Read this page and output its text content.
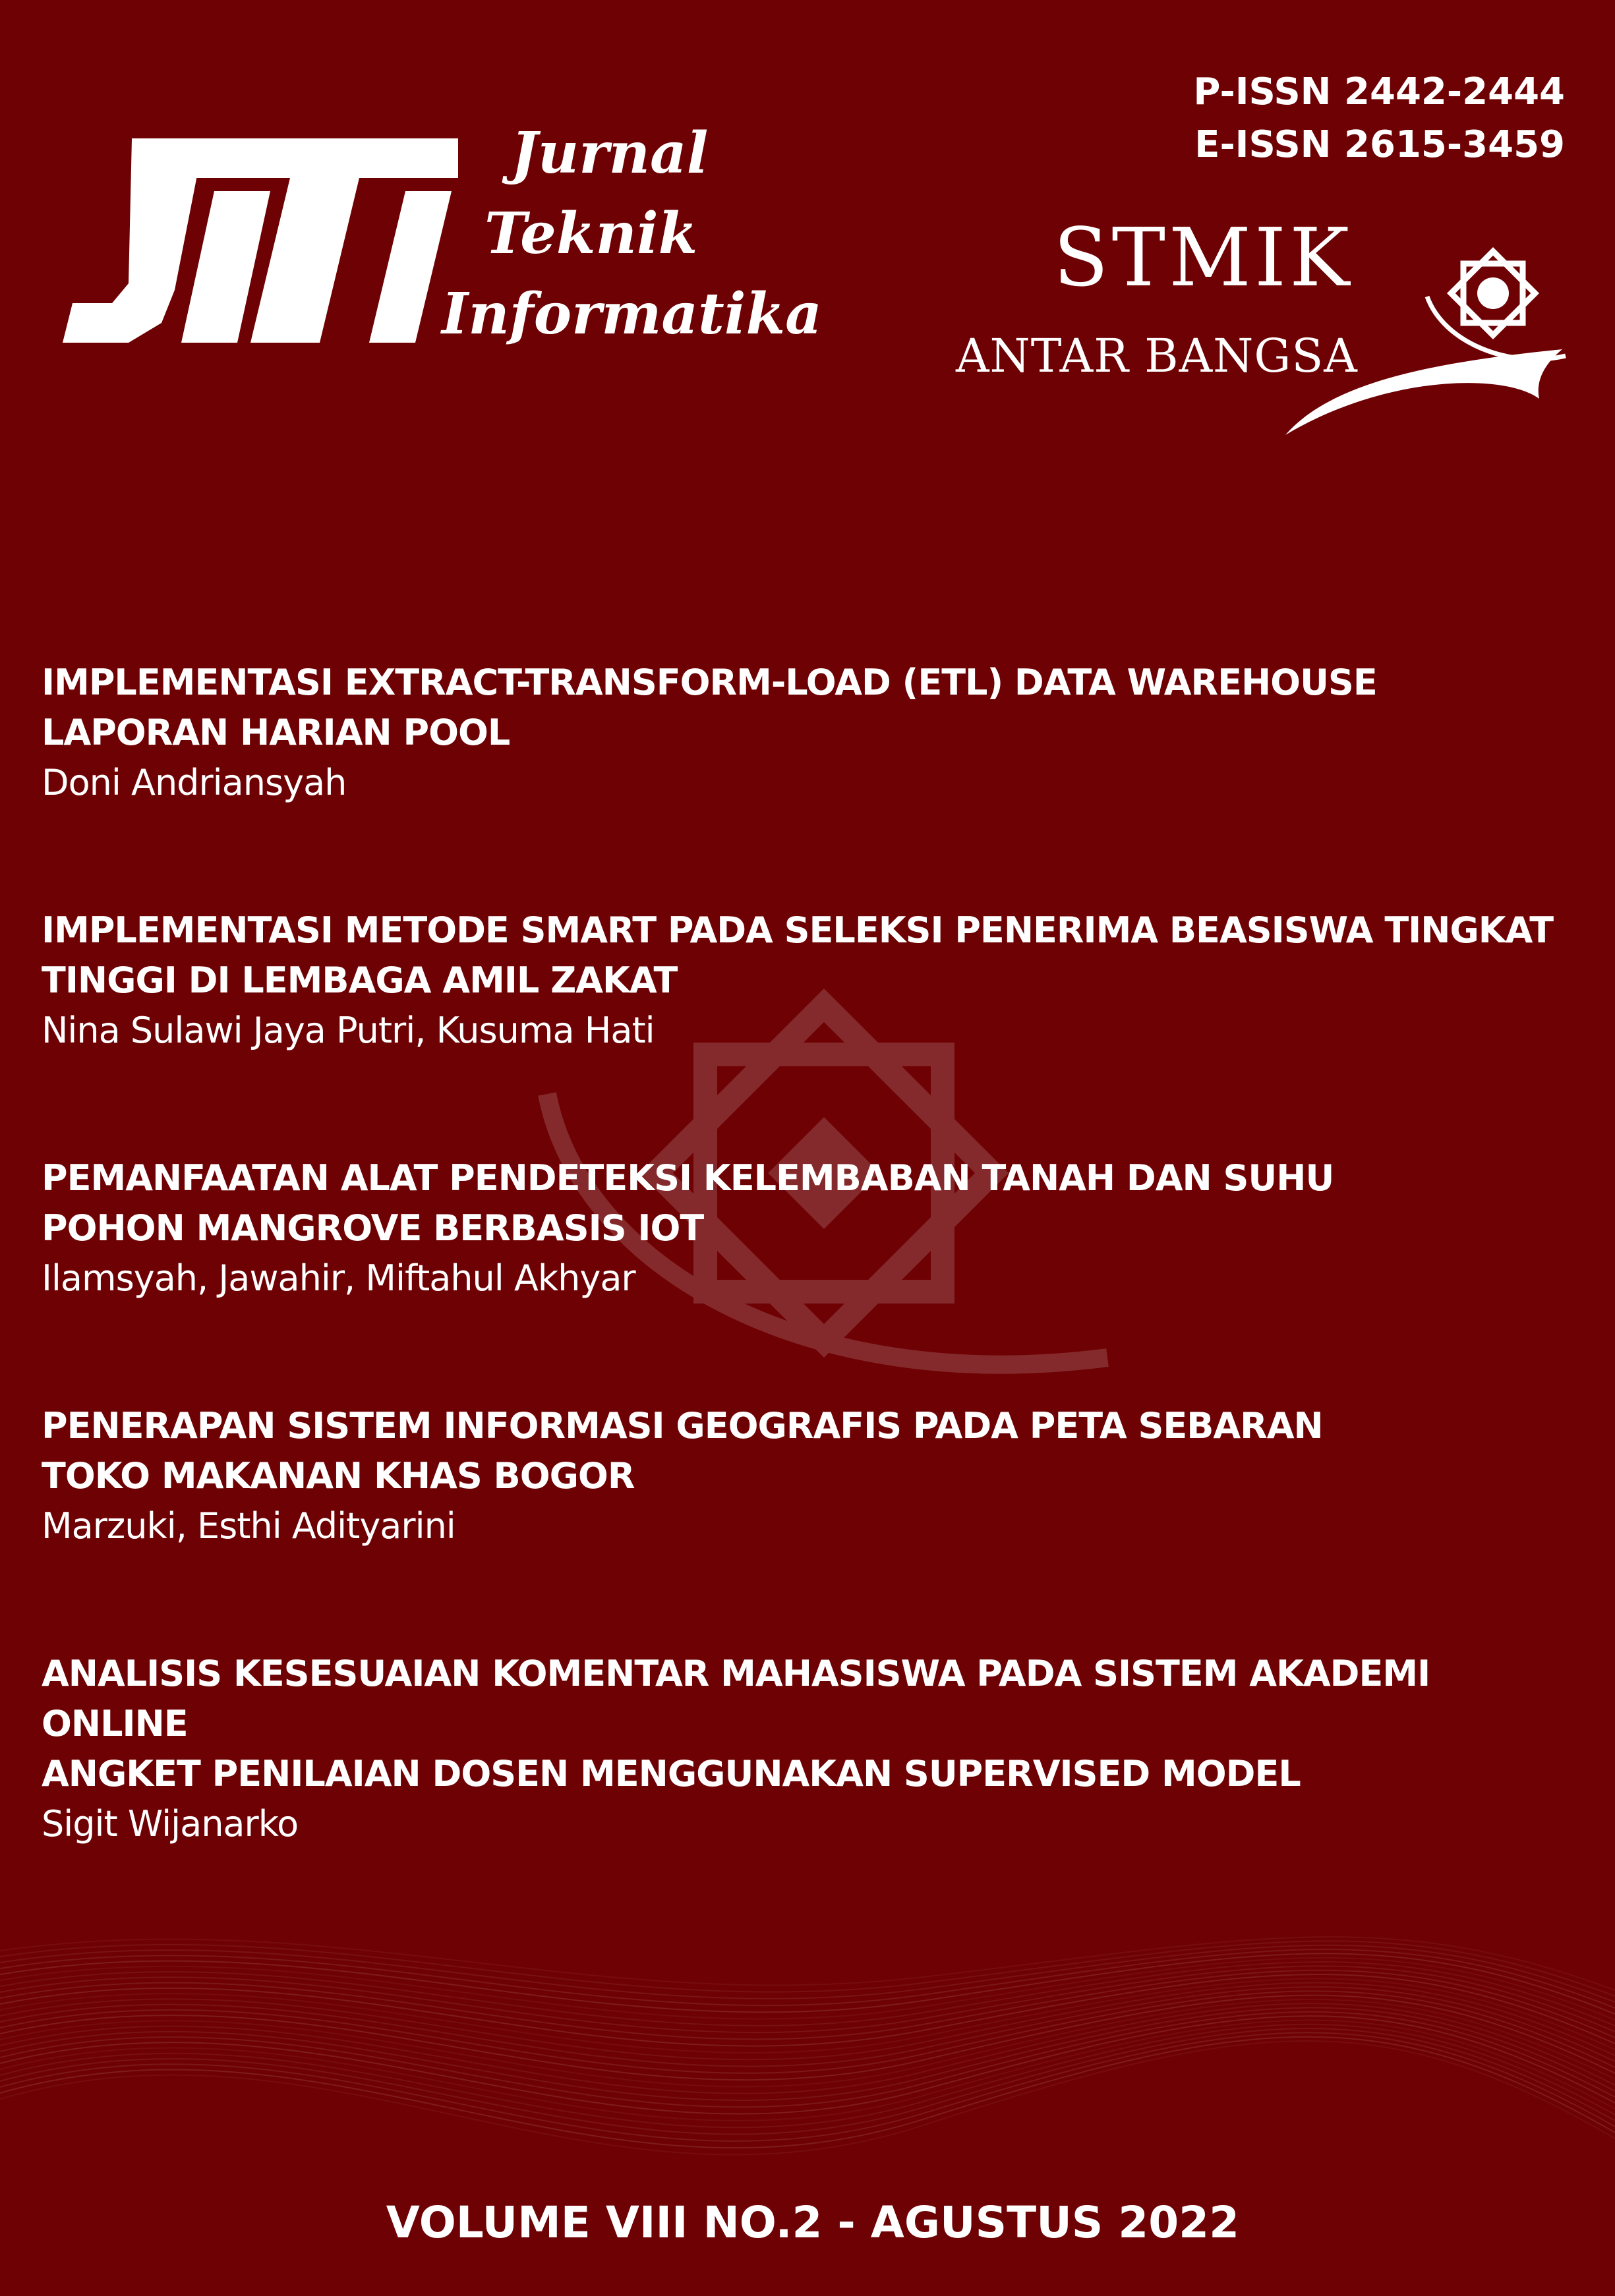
Jurnal
Teknik
Informatika
P-ISSN 2442-2444
E-ISSN 2615-3459

STMIK

ANTAR BANGSA

IMPLEMENTASI EXTRACT-TRANSFORM-LOAD (ETL) DATA WAREHOUSE
LAPORAN HARIAN POOL
Doni Andriansyah
IMPLEMENTASI METODE SMART PADA SELEKSI PENERIMA BEASISWA TINGKAT
TINGGI DI LEMBAGA AMIL ZAKAT
Nina Sulawi Jaya Putri, Kusuma Hati
PEMANFAATAN ALAT PENDETEKSI KELEMBABAN TANAH DAN SUHU
POHON MANGROVE BERBASIS IOT
Ilamsyah, Jawahir, Miftahul Akhyar
PENERAPAN SISTEM INFORMASI GEOGRAFIS PADA PETA SEBARAN
TOKO MAKANAN KHAS BOGOR
Marzuki, Esthi Adityarini
ANALISIS KESESUAIAN KOMENTAR MAHASISWA PADA SISTEM AKADEMI ONLINE
ANGKET PENILAIAN DOSEN MENGGUNAKAN SUPERVISED MODEL
Sigit Wijanarko

VOLUME VIII NO.2 - AGUSTUS 2022
